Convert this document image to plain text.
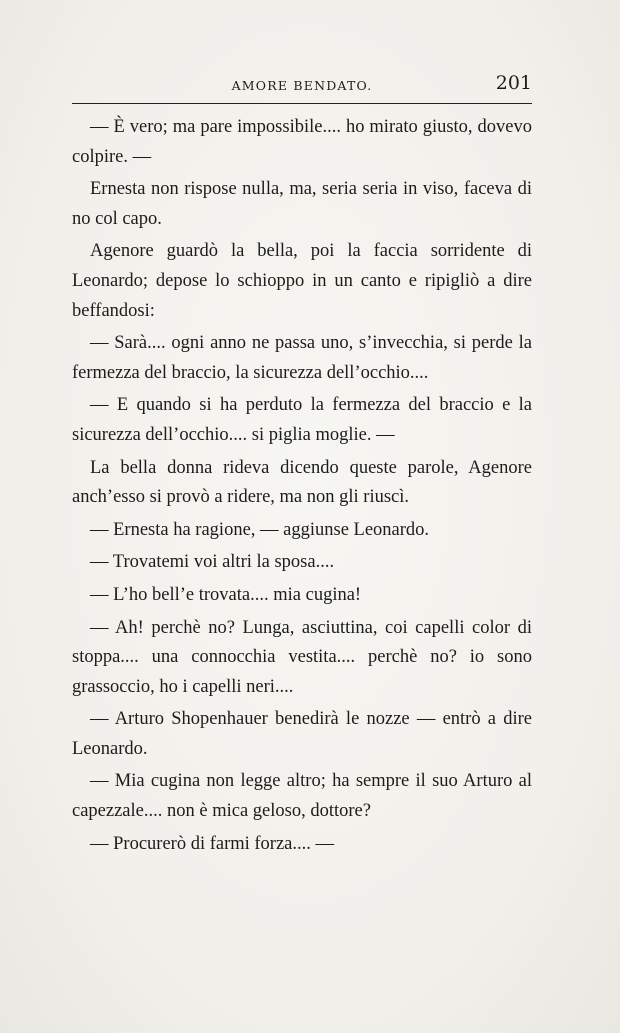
AMORE BENDATO.	201

— È vero; ma pare impossibile.... ho mirato giusto, dovevo colpire. —

Ernesta non rispose nulla, ma, seria seria in viso, faceva di no col capo.

Agenore guardò la bella, poi la faccia sorridente di Leonardo; depose lo schioppo in un canto e ripigliò a dire beffandosi:

— Sarà.... ogni anno ne passa uno, s’invecchia, si perde la fermezza del braccio, la sicurezza dell’occhio....

— E quando si ha perduto la fermezza del braccio e la sicurezza dell’occhio.... si piglia moglie. —

La bella donna rideva dicendo queste parole, Agenore anch’esso si provò a ridere, ma non gli riuscì.

— Ernesta ha ragione, — aggiunse Leonardo.

— Trovatemi voi altri la sposa....

— L’ho bell’e trovata.... mia cugina!

— Ah! perchè no? Lunga, asciuttina, coi capelli color di stoppa.... una connocchia vestita.... perchè no? io sono grassoccio, ho i capelli neri....

— Arturo Shopenhauer benedirà le nozze — entrò a dire Leonardo.

— Mia cugina non legge altro; ha sempre il suo Arturo al capezzale.... non è mica geloso, dottore?

— Procurerò di farmi forza.... —
